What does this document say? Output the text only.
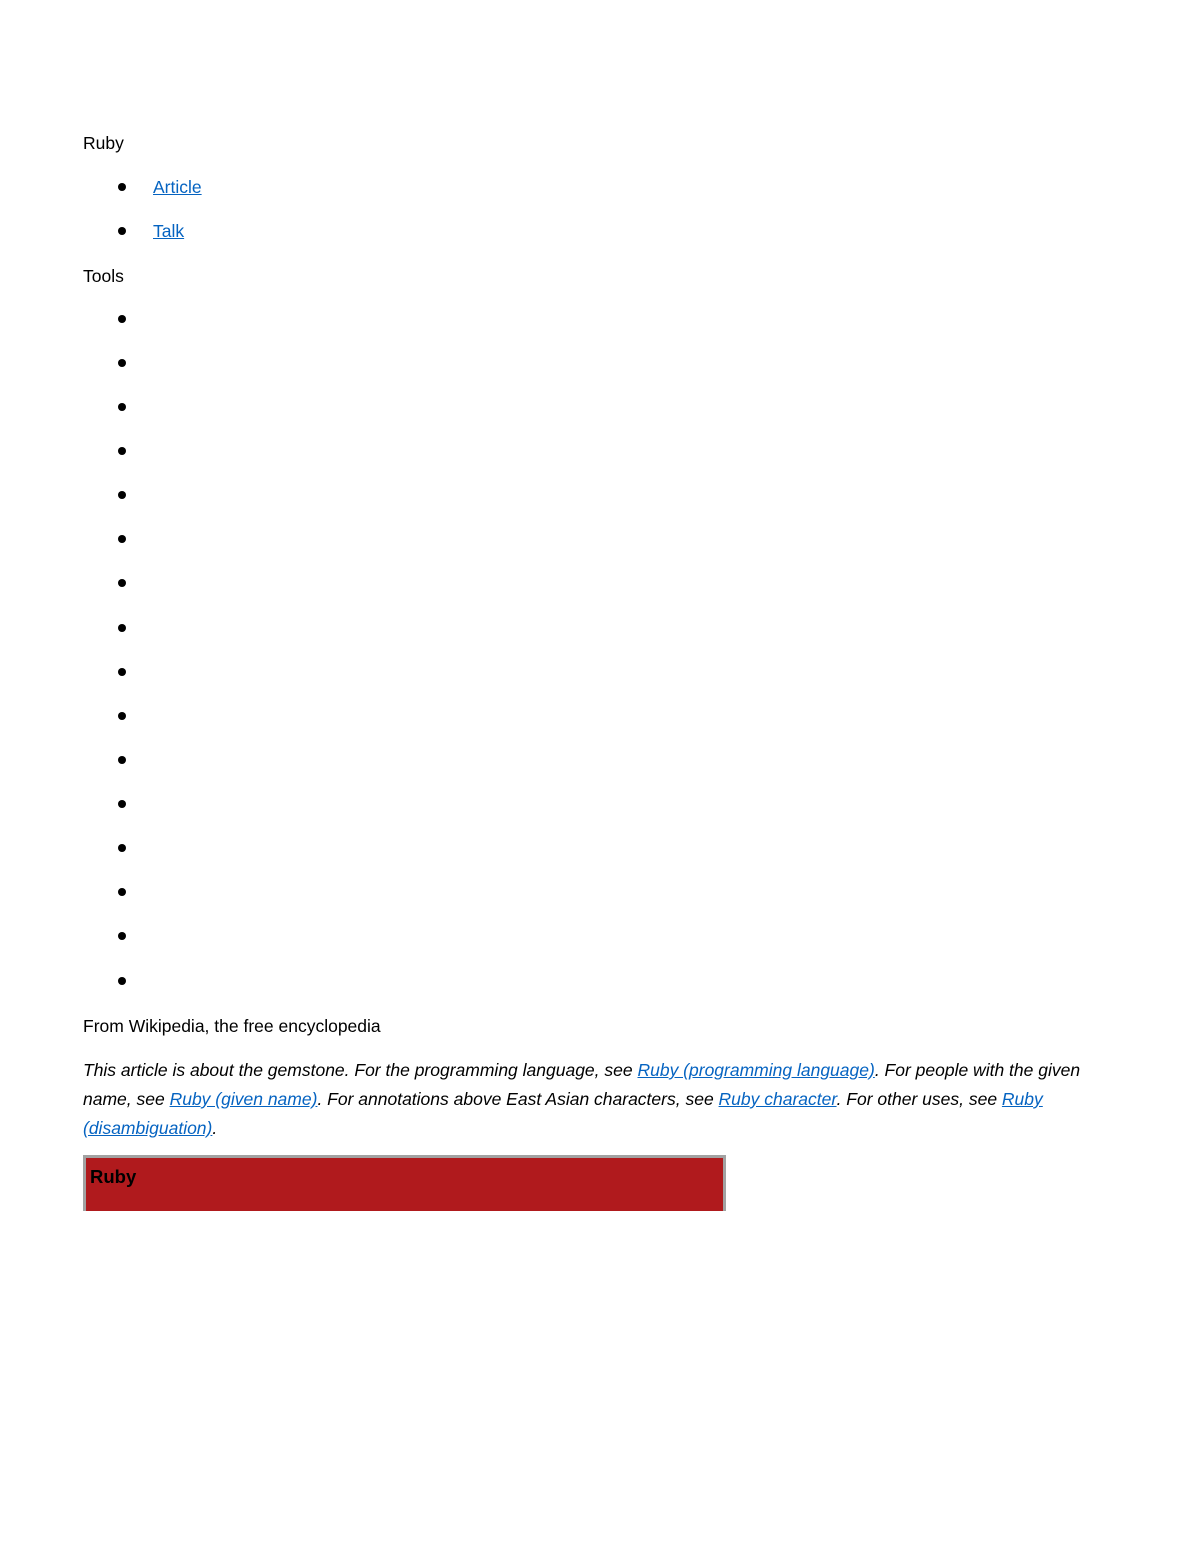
Ruby
Article
Talk
Tools
From Wikipedia, the free encyclopedia
This article is about the gemstone. For the programming language, see Ruby (programming language). For people with the given name, see Ruby (given name). For annotations above East Asian characters, see Ruby character. For other uses, see Ruby (disambiguation).
Ruby
